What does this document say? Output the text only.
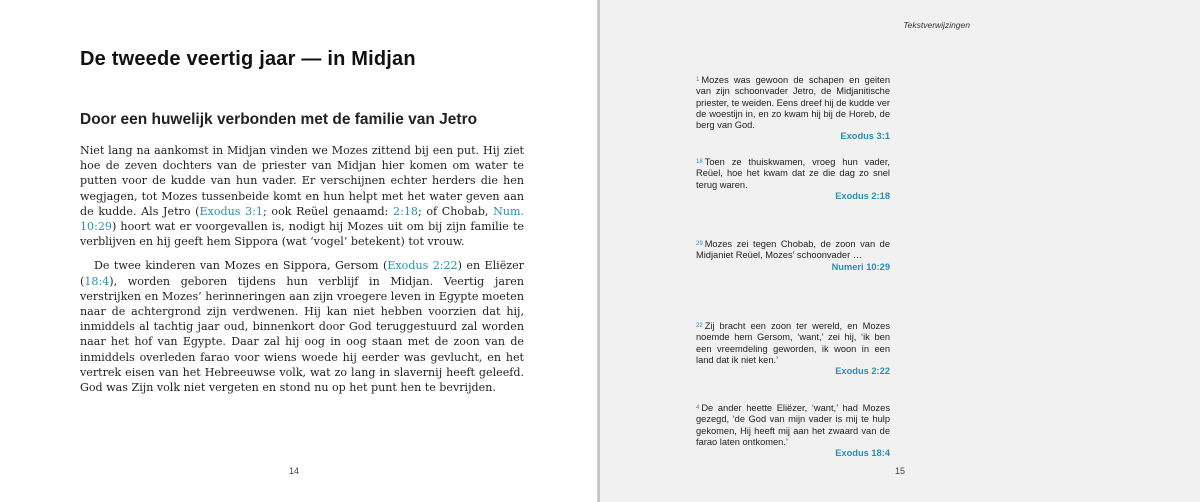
De tweede veertig jaar — in Midjan
Door een huwelijk verbonden met de familie van Jetro

Niet lang na aankomst in Midjan vinden we Mozes zittend bij een put. Hij ziet hoe de zeven dochters van de priester van Midjan hier komen om water te putten voor de kudde van hun vader. Er verschijnen echter herders die hen wegjagen, tot Mozes tussenbeide komt en hun helpt met het water geven aan de kudde. Als Jetro (Exodus 3:1; ook Reüel genaamd: 2:18; of Chobab, Num. 10:29) hoort wat er voorgevallen is, nodigt hij Mozes uit om bij zijn familie te verblijven en hij geeft hem Sippora (wat ‘vogel’ betekent) tot vrouw.

De twee kinderen van Mozes en Sippora, Gersom (Exodus 2:22) en Eliëzer (18:4), worden geboren tijdens hun verblijf in Midjan. Veertig jaren verstrijken en Mozes’ herinneringen aan zijn vroegere leven in Egypte moeten naar de achtergrond zijn verdwenen. Hij kan niet hebben voorzien dat hij, inmiddels al tachtig jaar oud, binnenkort door God teruggestuurd zal worden naar het hof van Egypte. Daar zal hij oog in oog staan met de zoon van de inmiddels overleden farao voor wiens woede hij eerder was gevlucht, en het vertrek eisen van het Hebreeuwse volk, wat zo lang in slavernij heeft geleefd. God was Zijn volk niet vergeten en stond nu op het punt hen te bevrijden.

14
Tekstverwijzingen
$^1$ Mozes was gewoon de schapen en geiten van zijn schoonvader Jetro, de Midjanitische priester, te weiden. Eens dreef hij de kudde ver de woestijn in, en zo kwam hij bij de Horeb, de berg van God.
Exodus 3:1
$^{18}$ Toen ze thuiskwamen, vroeg hun vader, Reüel, hoe het kwam dat ze die dag zo snel terug waren.
Exodus 2:18
$^{29}$ Mozes zei tegen Chobab, de zoon van de Midjaniet Reüel, Mozes’ schoonvader …
Numeri 10:29
$^{22}$ Zij bracht een zoon ter wereld, en Mozes noemde hem Gersom, ‘want,’ zei hij, ‘ik ben een vreemdeling geworden, ik woon in een land dat ik niet ken.’
Exodus 2:22
$^4$ De ander heette Eliëzer, ‘want,’ had Mozes gezegd, ‘de God van mijn vader is mij te hulp gekomen, Hij heeft mij aan het zwaard van de farao laten ontkomen.’
Exodus 18:4
15
